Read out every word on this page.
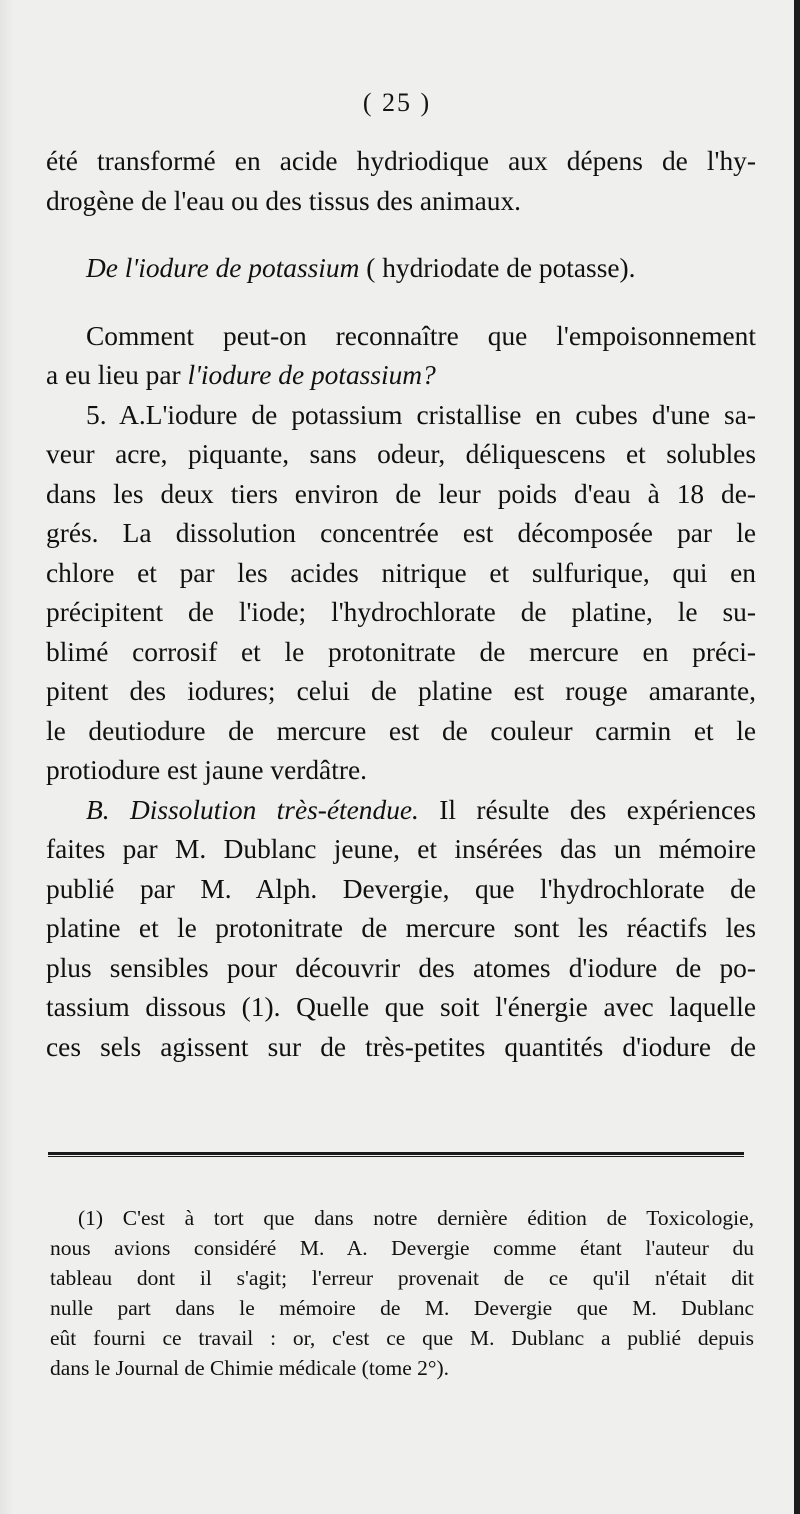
( 25 )
été transformé en acide hydriodique aux dépens de l'hy-
drogène de l'eau ou des tissus des animaux.
De l'iodure de potassium ( hydriodate de potasse).
Comment peut-on reconnaître que l'empoisonnement
a eu lieu par l'iodure de potassium?
5. A.L'iodure de potassium cristallise en cubes d'une sa-
veur acre, piquante, sans odeur, déliquescens et solubles
dans les deux tiers environ de leur poids d'eau à 18 de-
grés. La dissolution concentrée est décomposée par le
chlore et par les acides nitrique et sulfurique, qui en
précipitent de l'iode; l'hydrochlorate de platine, le su-
blimé corrosif et le protonitrate de mercure en préci-
pitent des iodures; celui de platine est rouge amarante,
le deutiodure de mercure est de couleur carmin et le
protiodure est jaune verdâtre.
B. Dissolution très-étendue. Il résulte des expériences
faites par M. Dublanc jeune, et insérées das un mémoire
publié par M. Alph. Devergie, que l'hydrochlorate de
platine et le protonitrate de mercure sont les réactifs les
plus sensibles pour découvrir des atomes d'iodure de po-
tassium dissous (1). Quelle que soit l'énergie avec laquelle
ces sels agissent sur de très-petites quantités d'iodure de
(1) C'est à tort que dans notre dernière édition de Toxicologie,
nous avions considéré M. A. Devergie comme étant l'auteur du
tableau dont il s'agit; l'erreur provenait de ce qu'il n'était dit
nulle part dans le mémoire de M. Devergie que M. Dublanc
eût fourni ce travail : or, c'est ce que M. Dublanc a publié depuis
dans le Journal de Chimie médicale (tome 2°).
